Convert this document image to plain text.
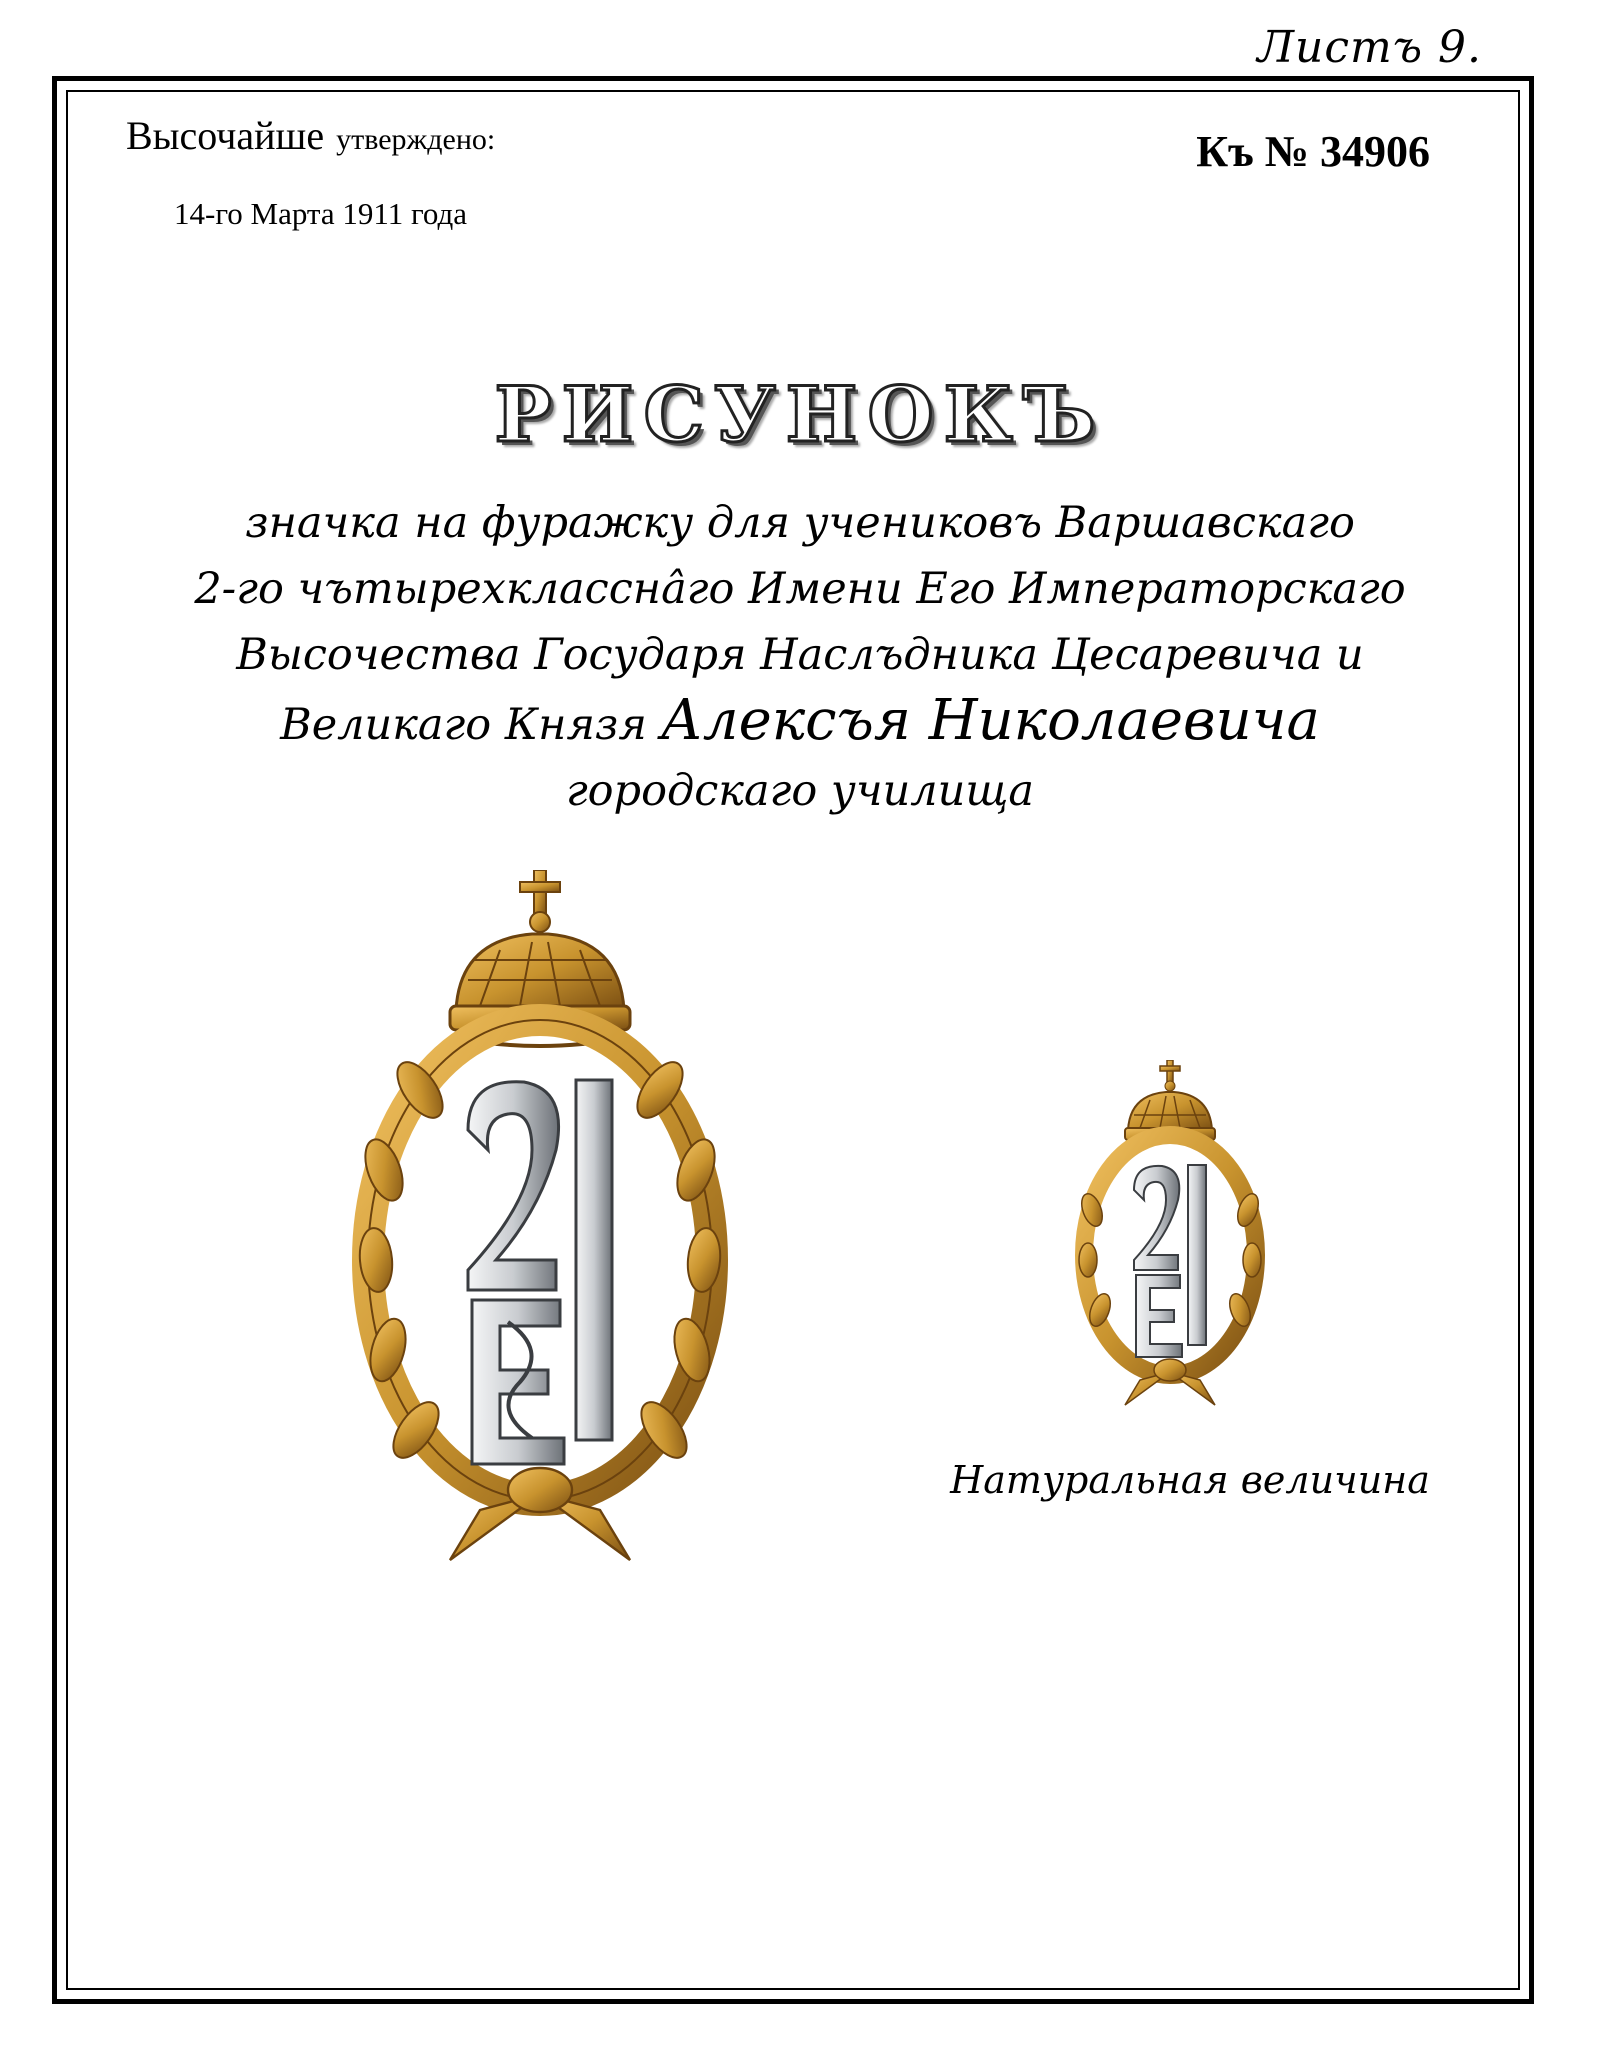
Листъ 9.
Высочайше утверждено:
14-го Марта 1911 года
Къ № 34906
РИСУНОКЪ
значка на фуражку для учениковъ Варшавскаго
2-го чътырехклассна̂го Имени Его Императорскаго
Высочества Государя Наслъдника Цесаревича и
Великаго Князя Алексъя Николаевича
городскаго училища
Натуральная величина
